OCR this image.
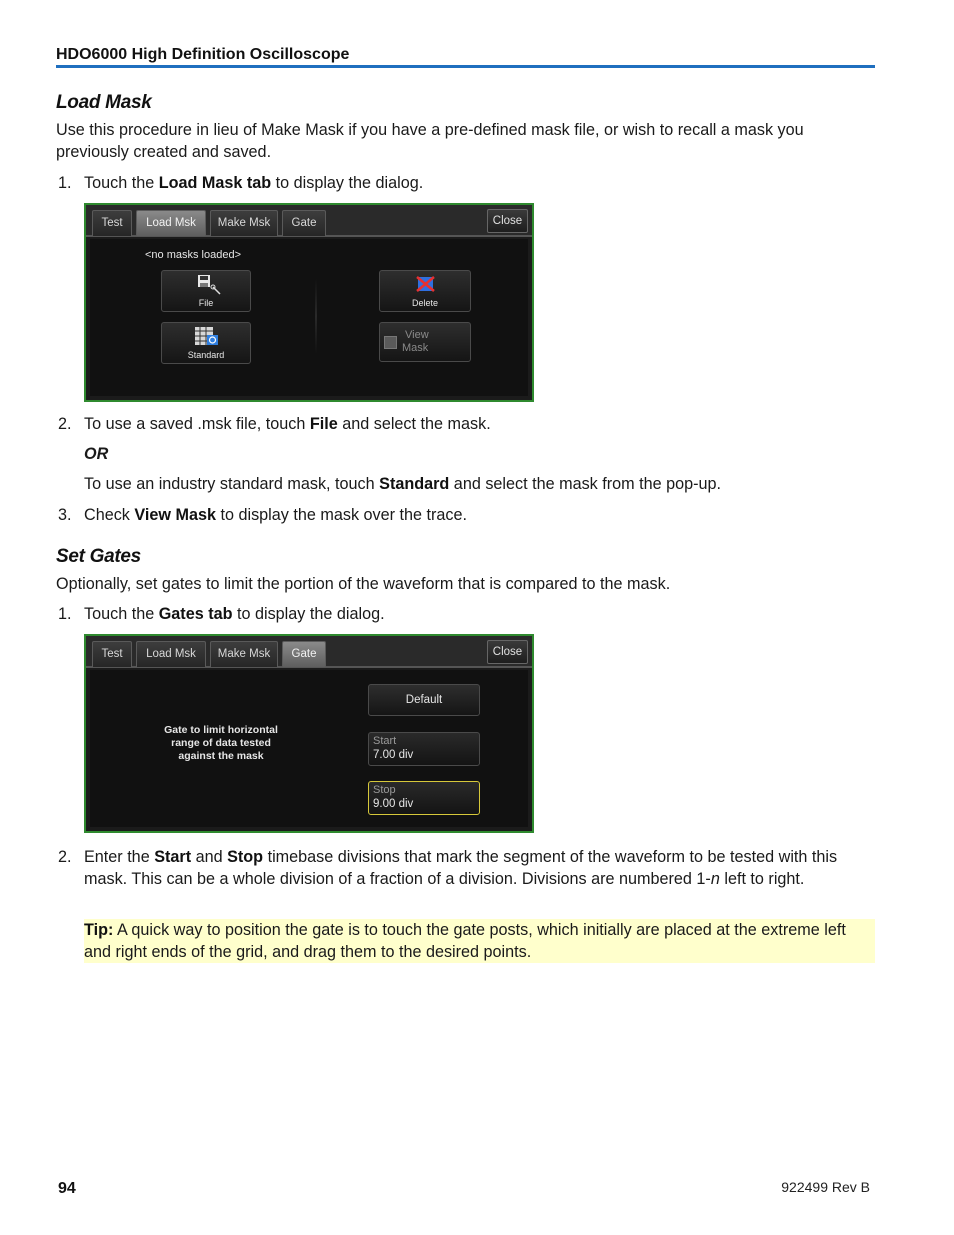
HDO6000 High Definition Oscilloscope
Load Mask
Use this procedure in lieu of Make Mask if you have a pre-defined mask file, or wish to recall a mask you previously created and saved.
1. Touch the Load Mask tab to display the dialog.
Test	Load Msk	Make Msk	Gate	Close
<no masks loaded>
File
Standard
Delete
View
Mask
2. To use a saved .msk file, touch File and select the mask.
OR
To use an industry standard mask, touch Standard and select the mask from the pop-up.
3. Check View Mask to display the mask over the trace.
Set Gates
Optionally, set gates to limit the portion of the waveform that is compared to the mask.
1. Touch the Gates tab to display the dialog.
Test	Load Msk	Make Msk	Gate	Close
Default
Gate to limit horizontal
range of data tested
against the mask
Start
7.00 div
Stop
9.00 div
2. Enter the Start and Stop timebase divisions that mark the segment of the waveform to be tested with this mask. This can be a whole division of a fraction of a division. Divisions are numbered 1-n left to right.
Tip: A quick way to position the gate is to touch the gate posts, which initially are placed at the extreme left and right ends of the grid, and drag them to the desired points.
94	922499 Rev B
